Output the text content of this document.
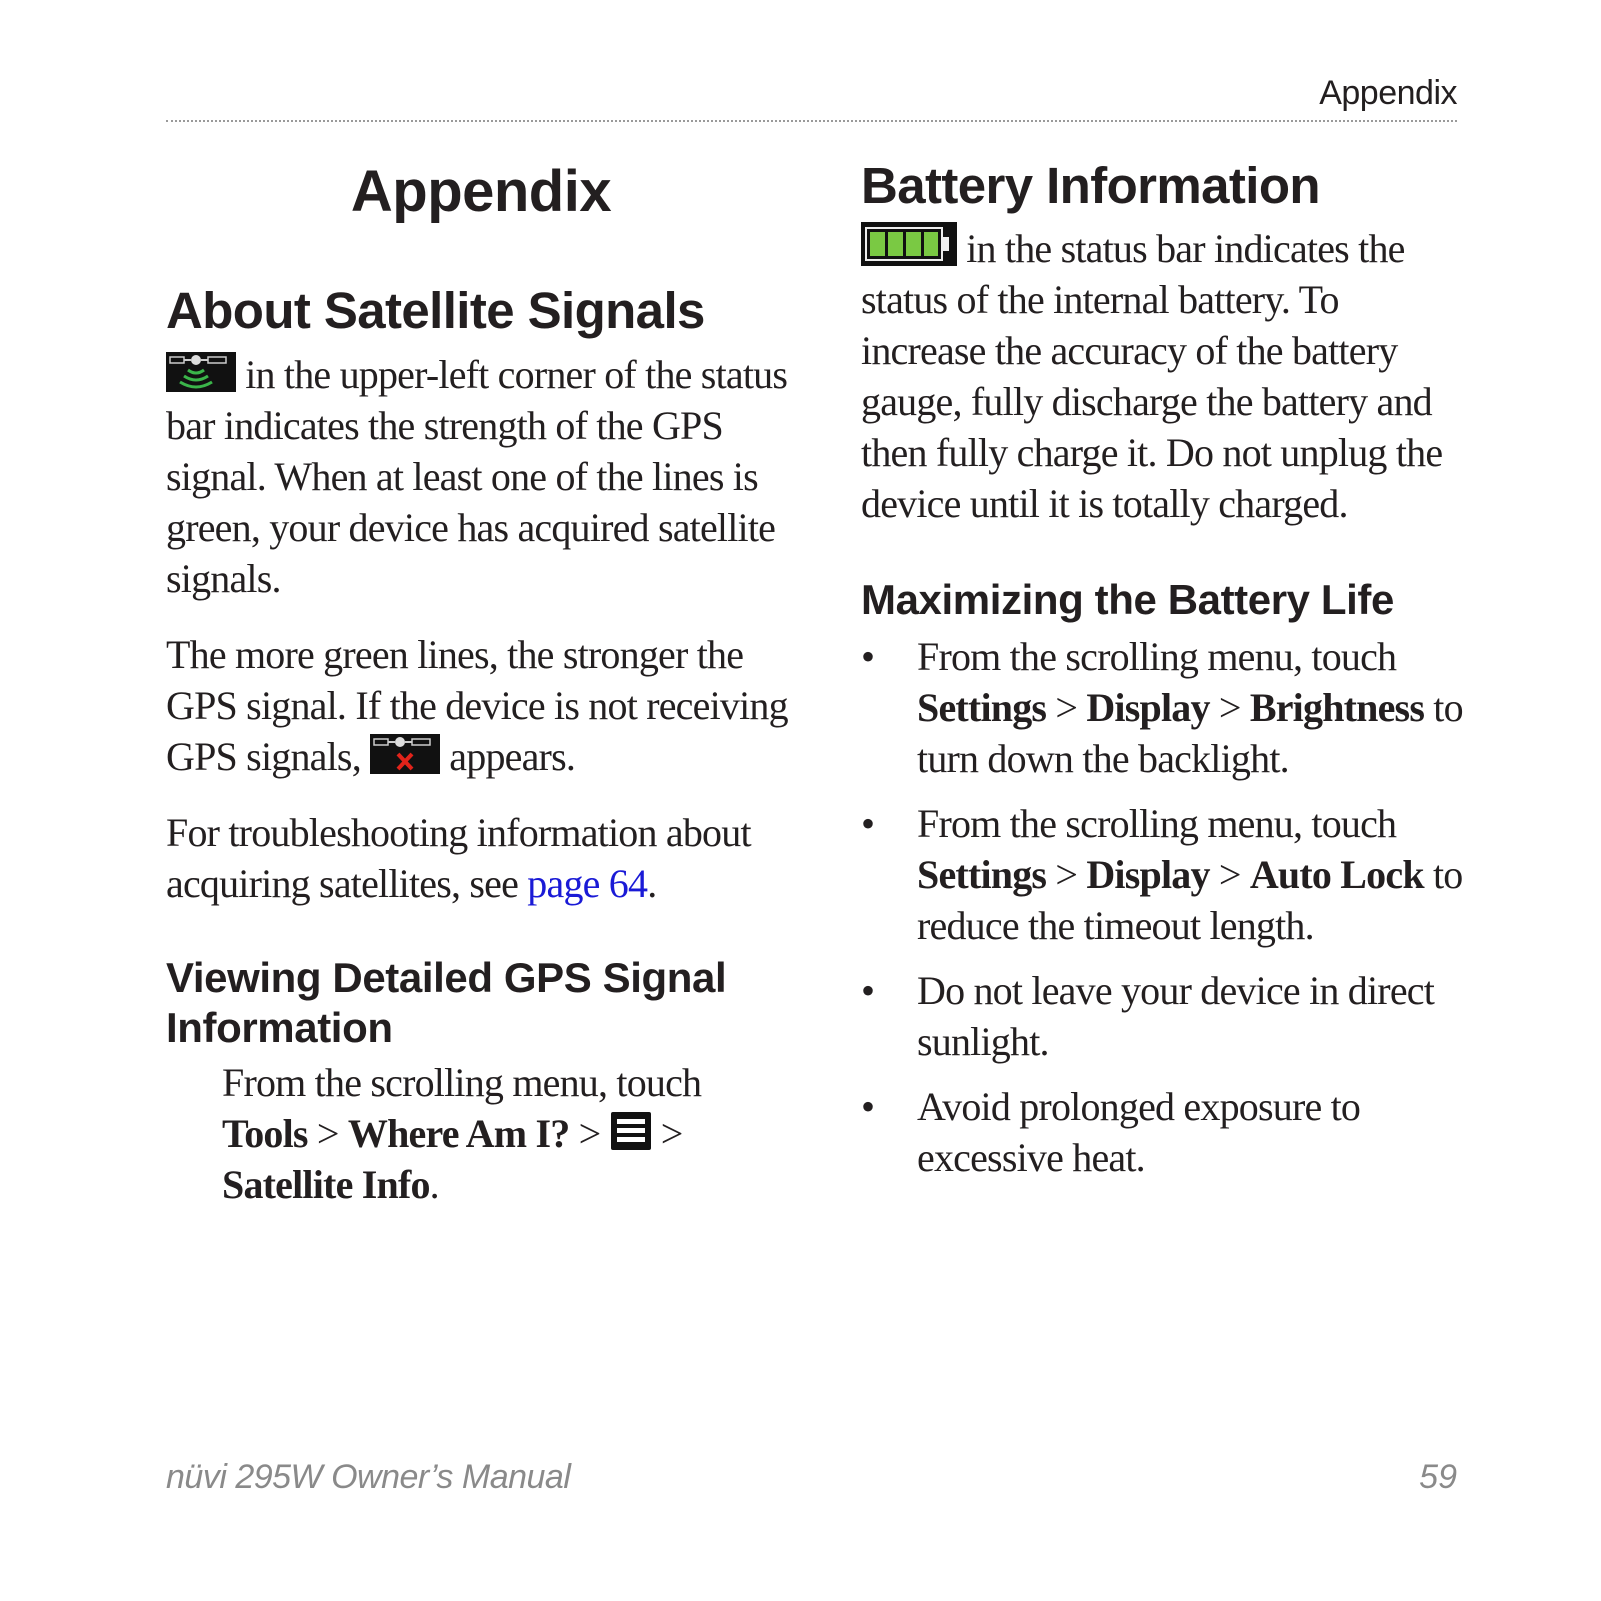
Appendix
Appendix
About Satellite Signals

in the upper-left corner of the status bar indicates the strength of the GPS signal. When at least one of the lines is green, your device has acquired satellite signals.

The more green lines, the stronger the GPS signal. If the device is not receiving GPS signals,
appears.

For troubleshooting information about acquiring satellites, see page 64.

Viewing Detailed GPS Signal Information

From the scrolling menu, touch Tools > Where Am I? >
> Satellite Info.

Battery Information

in the status bar indicates the status of the internal battery. To increase the accuracy of the battery gauge, fully discharge the battery and then fully charge it. Do not unplug the device until it is totally charged.

Maximizing the Battery Life
• From the scrolling menu, touch Settings > Display > Brightness to turn down the backlight.
• From the scrolling menu, touch Settings > Display > Auto Lock to reduce the timeout length.
• Do not leave your device in direct sunlight.
• Avoid prolonged exposure to excessive heat.
nüvi 295W Owner’s Manual	59
